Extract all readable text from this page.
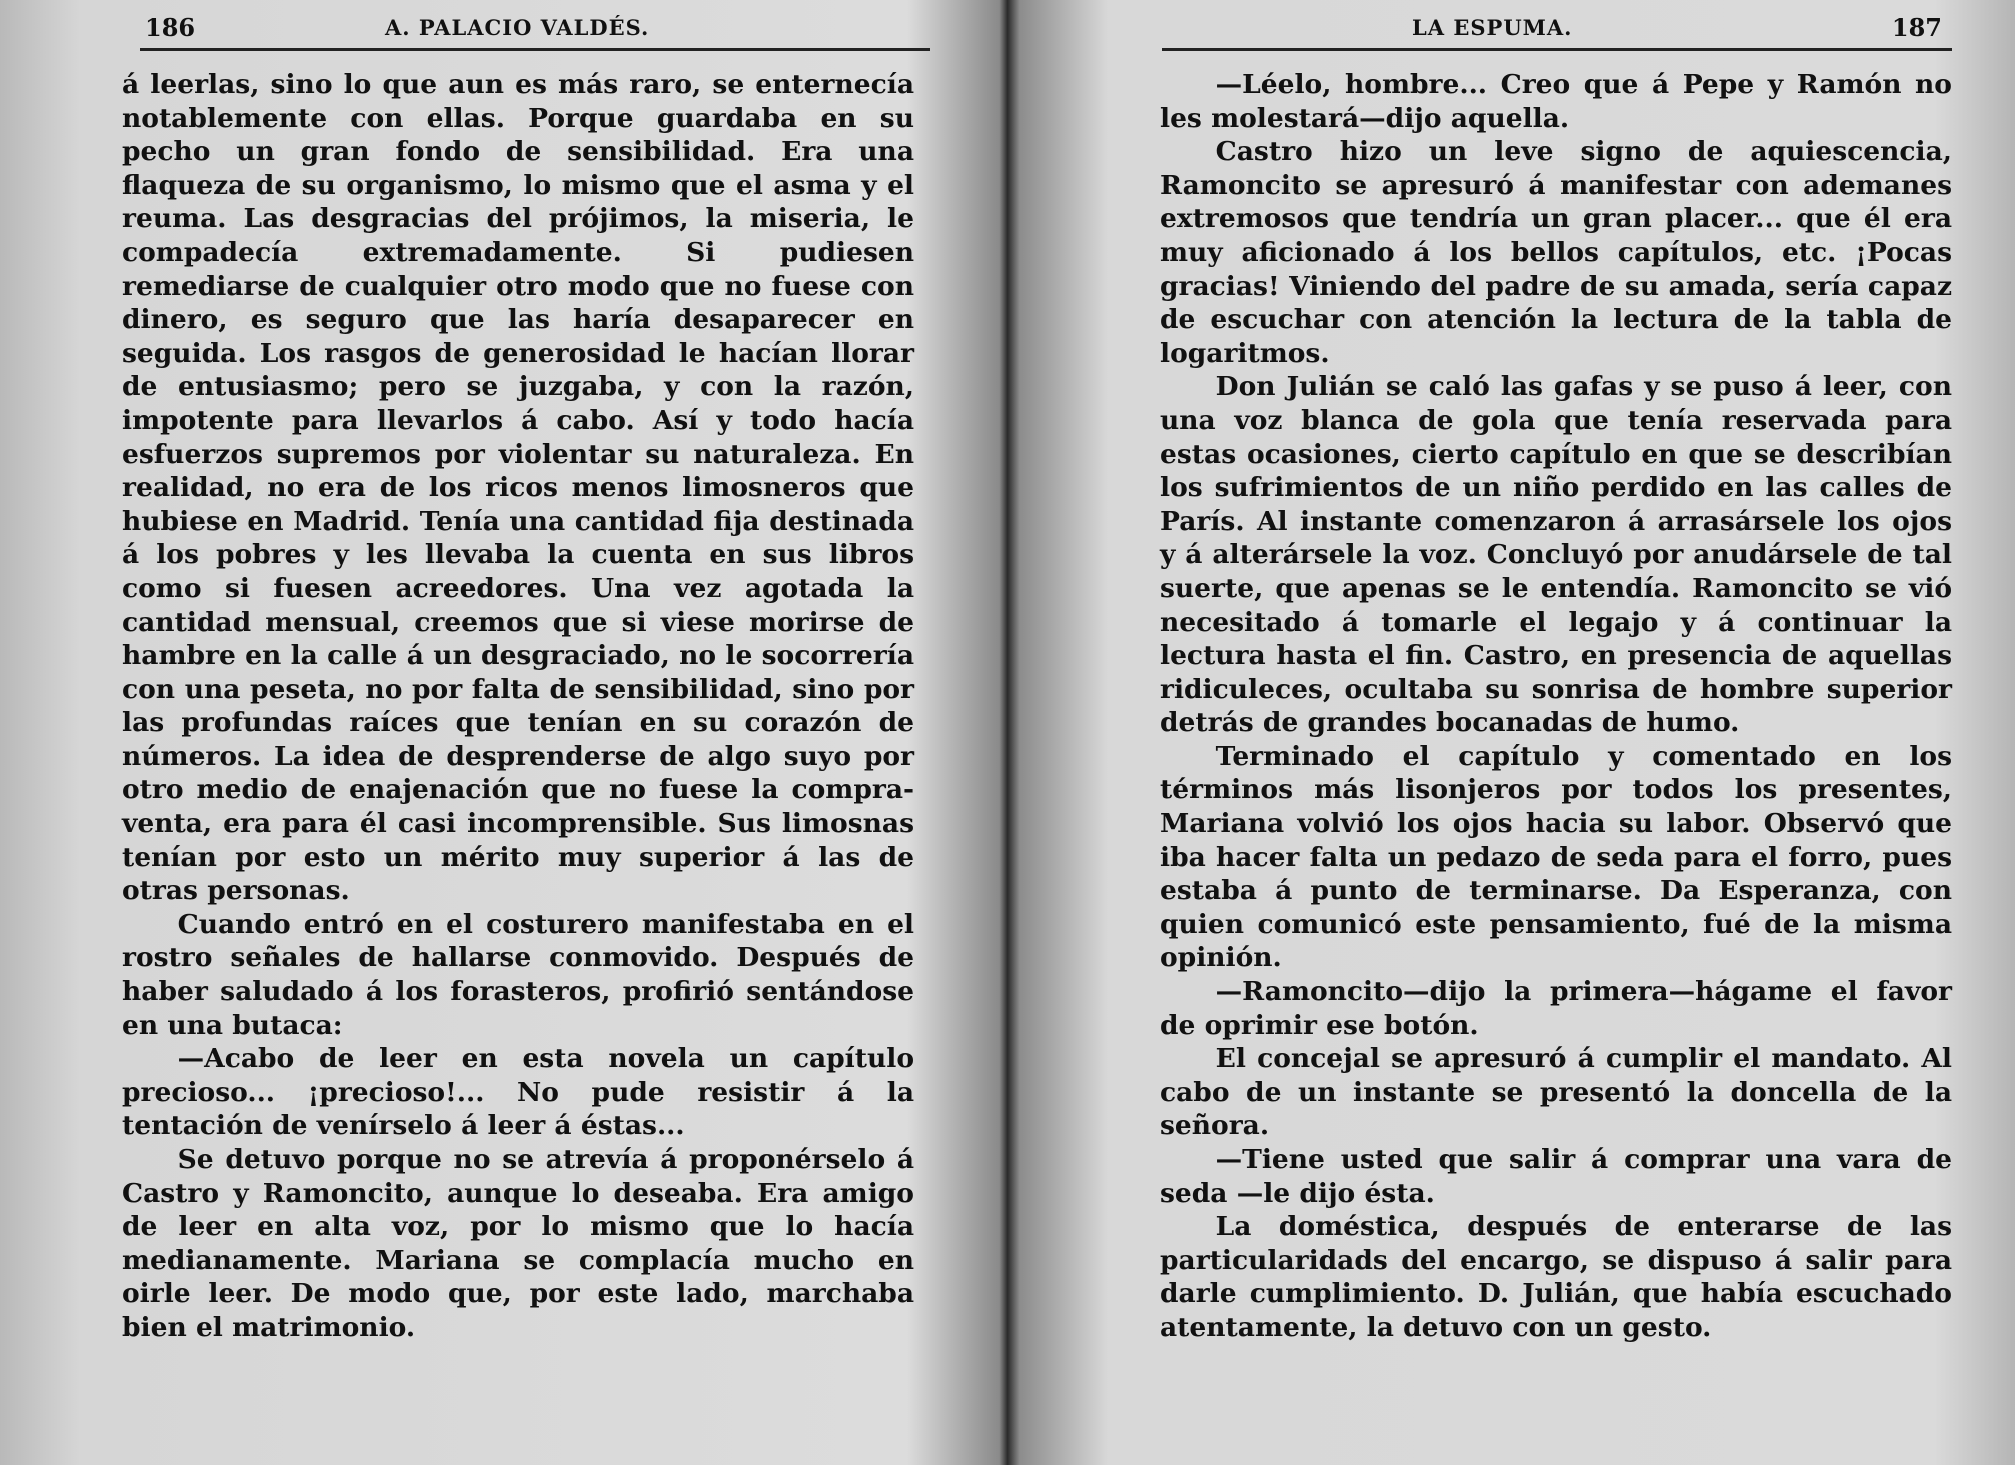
186	A. PALACIO VALDÉS.

á leerlas, sino lo que aun es más raro, se enternecía notablemente con ellas. Porque guardaba en su pecho un gran fondo de sensibilidad. Era una flaqueza de su organismo, lo mismo que el asma y el reuma. Las desgracias del prójimos, la miseria, le compadecía extremadamente. Si pudiesen remediarse de cualquier otro modo que no fuese con dinero, es seguro que las haría desaparecer en seguida. Los rasgos de generosidad le hacían llorar de entusiasmo; pero se juzgaba, y con la razón, impotente para llevarlos á cabo. Así y todo hacía esfuerzos supremos por violentar su naturaleza. En realidad, no era de los ricos menos limosneros que hubiese en Madrid. Tenía una cantidad fija destinada á los pobres y les llevaba la cuenta en sus libros como si fuesen acreedores. Una vez agotada la cantidad mensual, creemos que si viese morirse de hambre en la calle á un desgraciado, no le socorrería con una peseta, no por falta de sensibilidad, sino por las profundas raíces que tenían en su corazón de números. La idea de desprenderse de algo suyo por otro medio de enajenación que no fuese la compra-venta, era para él casi incomprensible. Sus limosnas tenían por esto un mérito muy superior á las de otras personas.

Cuando entró en el costurero manifestaba en el rostro señales de hallarse conmovido. Después de haber saludado á los forasteros, profirió sentándose en una butaca:

—Acabo de leer en esta novela un capítulo precioso... ¡precioso!... No pude resistir á la tentación de venírselo á leer á éstas...

Se detuvo porque no se atrevía á proponérselo á Castro y Ramoncito, aunque lo deseaba. Era amigo de leer en alta voz, por lo mismo que lo hacía medianamente. Mariana se complacía mucho en oirle leer. De modo que, por este lado, marchaba bien el matrimonio.

LA ESPUMA.	187

—Léelo, hombre... Creo que á Pepe y Ramón no les molestará—dijo aquella.

Castro hizo un leve signo de aquiescencia, Ramoncito se apresuró á manifestar con ademanes extremosos que tendría un gran placer... que él era muy aficionado á los bellos capítulos, etc. ¡Pocas gracias! Viniendo del padre de su amada, sería capaz de escuchar con atención la lectura de la tabla de logaritmos.

Don Julián se caló las gafas y se puso á leer, con una voz blanca de gola que tenía reservada para estas ocasiones, cierto capítulo en que se describían los sufrimientos de un niño perdido en las calles de París. Al instante comenzaron á arrasársele los ojos y á alterársele la voz. Concluyó por anudársele de tal suerte, que apenas se le entendía. Ramoncito se vió necesitado á tomarle el legajo y á continuar la lectura hasta el fin. Castro, en presencia de aquellas ridiculeces, ocultaba su sonrisa de hombre superior detrás de grandes bocanadas de humo.

Terminado el capítulo y comentado en los términos más lisonjeros por todos los presentes, Mariana volvió los ojos hacia su labor. Observó que iba hacer falta un pedazo de seda para el forro, pues estaba á punto de terminarse. Da Esperanza, con quien comunicó este pensamiento, fué de la misma opinión.

—Ramoncito—dijo la primera—hágame el favor de oprimir ese botón.

El concejal se apresuró á cumplir el mandato. Al cabo de un instante se presentó la doncella de la señora.

—Tiene usted que salir á comprar una vara de seda —le dijo ésta.

La doméstica, después de enterarse de las particularidads del encargo, se dispuso á salir para darle cumplimiento. D. Julián, que había escuchado atentamente, la detuvo con un gesto.
